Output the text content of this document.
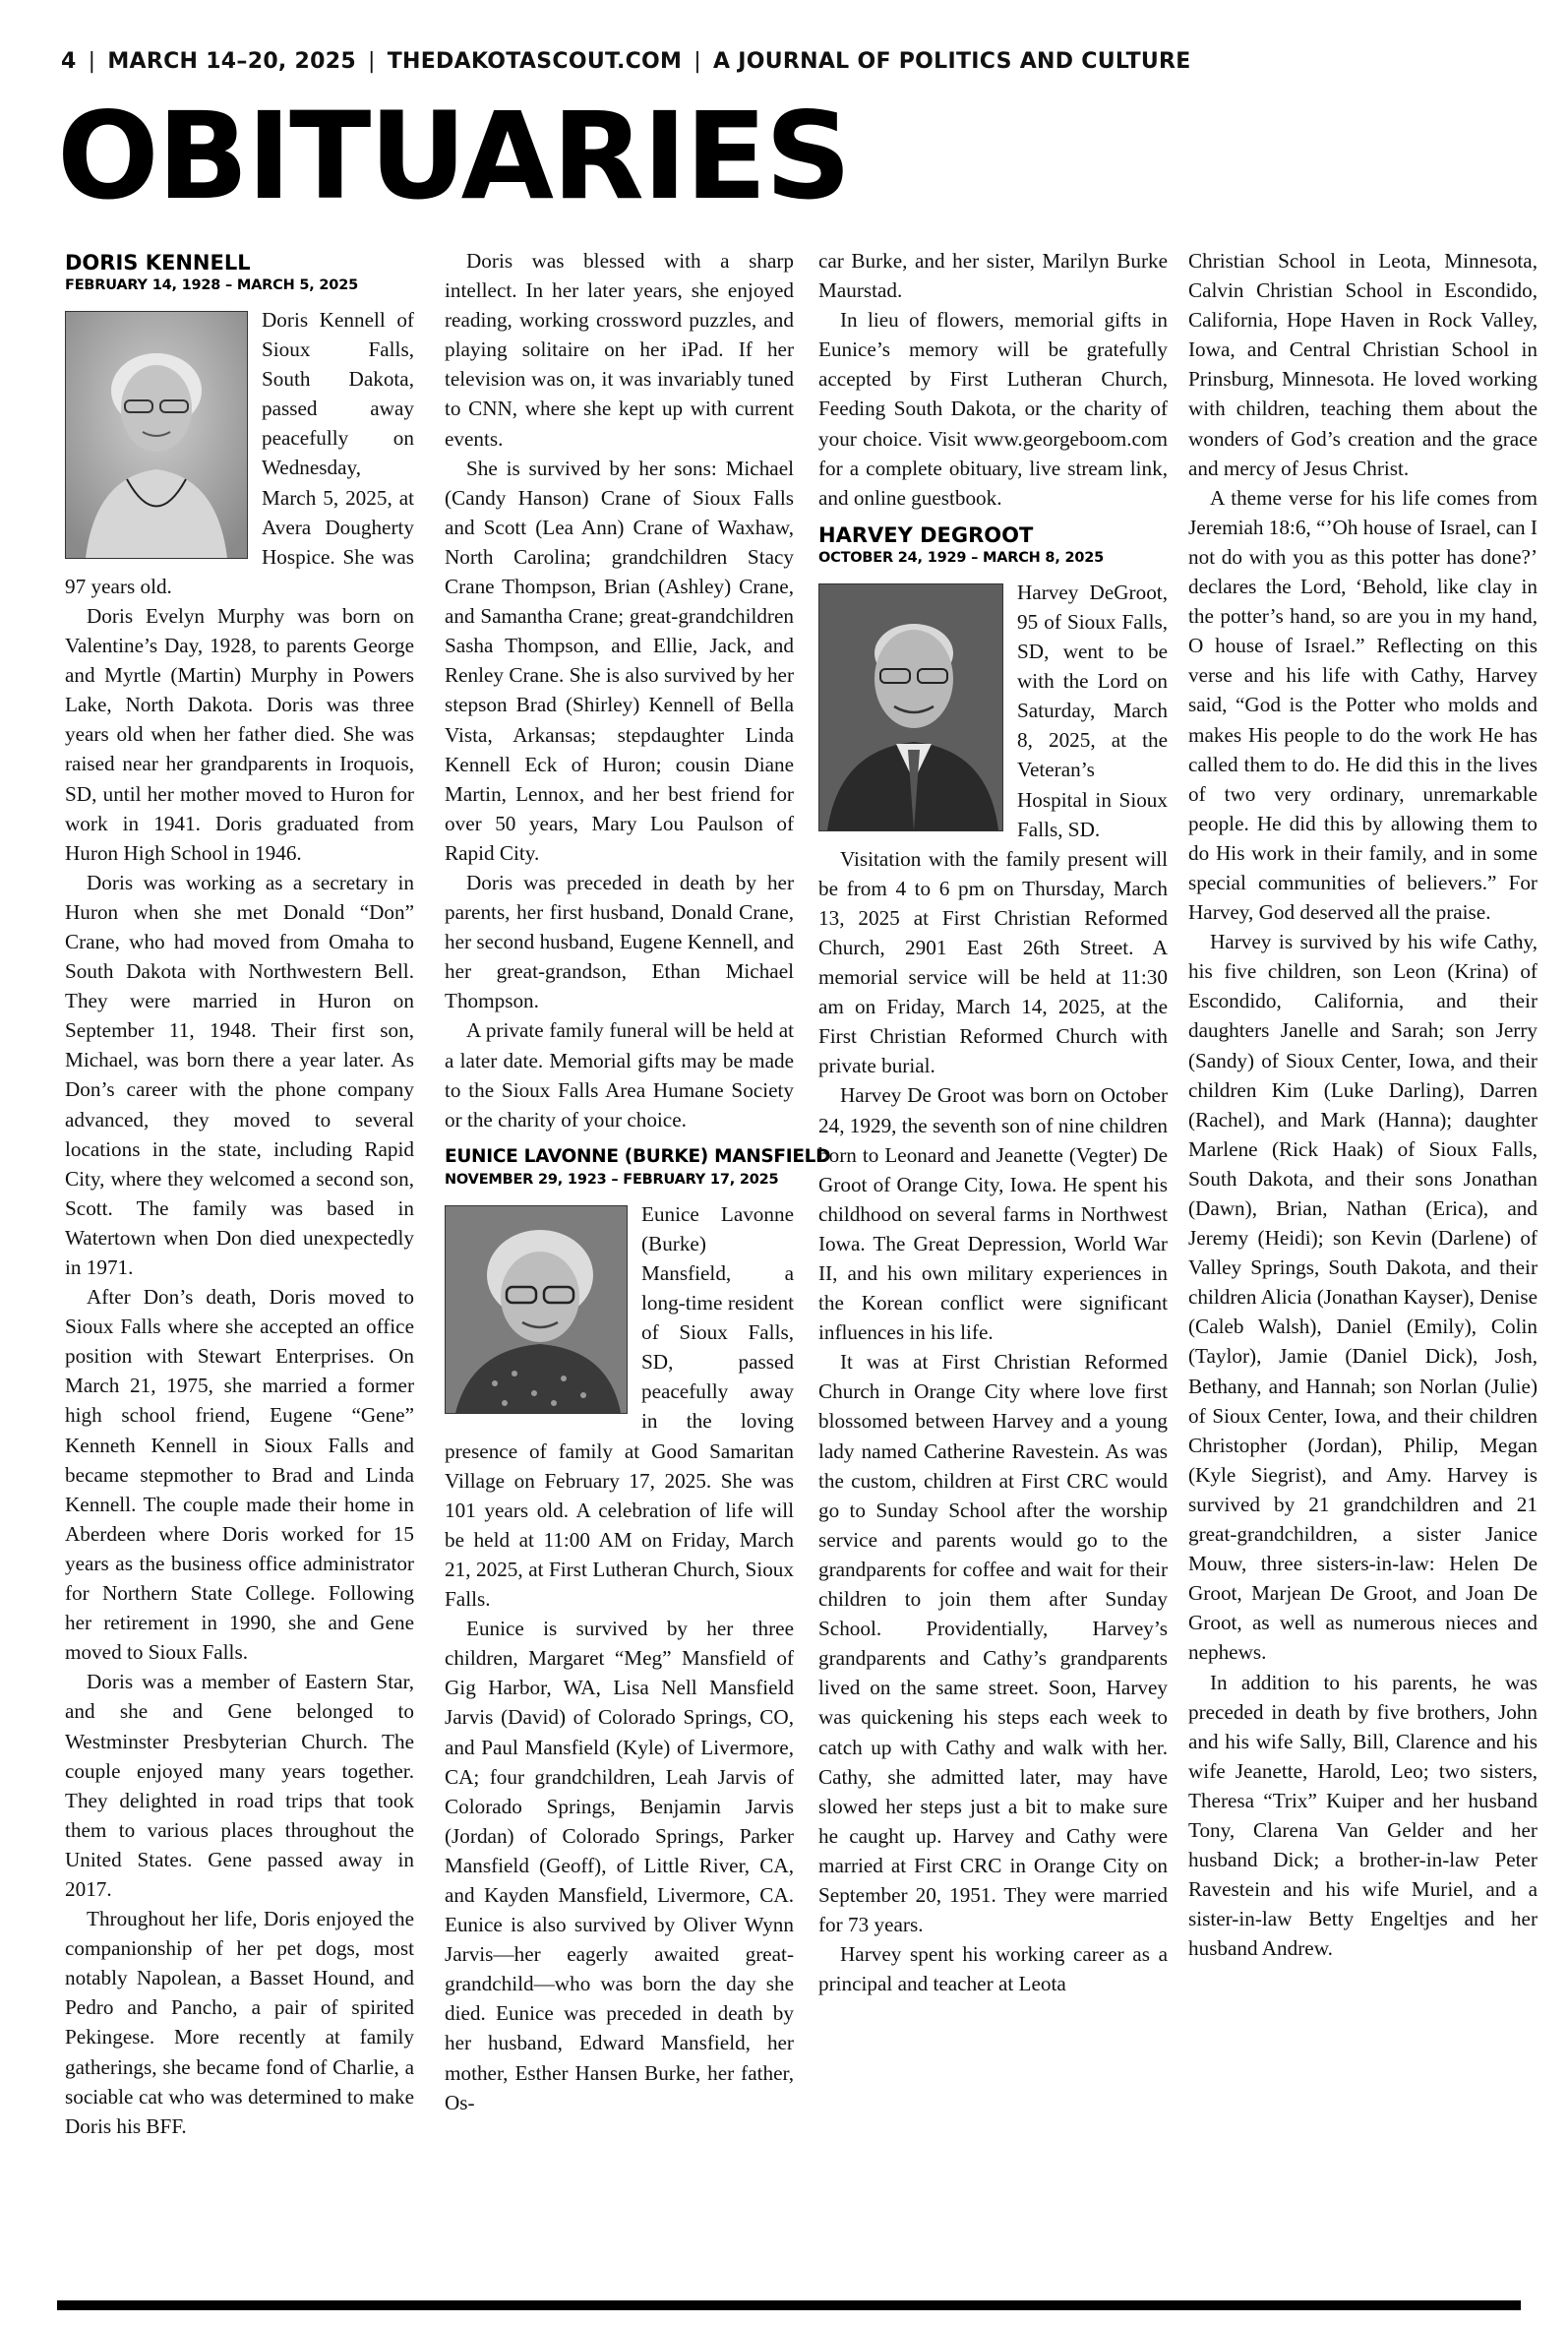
4 | MARCH 14–20, 2025 | THEDAKOTASCOUT.COM | A JOURNAL OF POLITICS AND CULTURE
OBITUARIES
DORIS KENNELL
FEBRUARY 14, 1928 – MARCH 5, 2025

Doris Kennell of Sioux Falls, South Dakota, passed away peacefully on Wednesday, March 5, 2025, at Avera Dougherty Hospice. She was 97 years old.

Doris Evelyn Murphy was born on Valentine’s Day, 1928, to parents George and Myrtle (Martin) Murphy in Powers Lake, North Dakota. Doris was three years old when her father died. She was raised near her grandparents in Iroquois, SD, until her mother moved to Huron for work in 1941. Doris graduated from Huron High School in 1946.

Doris was working as a secretary in Huron when she met Donald “Don” Crane, who had moved from Omaha to South Dakota with Northwestern Bell. They were married in Huron on September 11, 1948. Their first son, Michael, was born there a year later. As Don’s career with the phone company advanced, they moved to several locations in the state, including Rapid City, where they welcomed a second son, Scott. The family was based in Watertown when Don died unexpectedly in 1971.

After Don’s death, Doris moved to Sioux Falls where she accepted an office position with Stewart Enterprises. On March 21, 1975, she married a former high school friend, Eugene “Gene” Kenneth Kennell in Sioux Falls and became stepmother to Brad and Linda Kennell. The couple made their home in Aberdeen where Doris worked for 15 years as the business office administrator for Northern State College. Following her retirement in 1990, she and Gene moved to Sioux Falls.

Doris was a member of Eastern Star, and she and Gene belonged to Westminster Presbyterian Church. The couple enjoyed many years together. They delighted in road trips that took them to various places throughout the United States. Gene passed away in 2017.

Throughout her life, Doris enjoyed the companionship of her pet dogs, most notably Napolean, a Basset Hound, and Pedro and Pancho, a pair of spirited Pekingese. More recently at family gatherings, she became fond of Charlie, a sociable cat who was determined to make Doris his BFF.

Doris was blessed with a sharp intellect. In her later years, she enjoyed reading, working crossword puzzles, and playing solitaire on her iPad. If her television was on, it was invariably tuned to CNN, where she kept up with current events.

She is survived by her sons: Michael (Candy Hanson) Crane of Sioux Falls and Scott (Lea Ann) Crane of Waxhaw, North Carolina; grandchildren Stacy Crane Thompson, Brian (Ashley) Crane, and Samantha Crane; great-grandchildren Sasha Thompson, and Ellie, Jack, and Renley Crane. She is also survived by her stepson Brad (Shirley) Kennell of Bella Vista, Arkansas; stepdaughter Linda Kennell Eck of Huron; cousin Diane Martin, Lennox, and her best friend for over 50 years, Mary Lou Paulson of Rapid City.

Doris was preceded in death by her parents, her first husband, Donald Crane, her second husband, Eugene Kennell, and her great-grandson, Ethan Michael Thompson.

A private family funeral will be held at a later date. Memorial gifts may be made to the Sioux Falls Area Humane Society or the charity of your choice.

EUNICE LAVONNE (BURKE) MANSFIELD
NOVEMBER 29, 1923 – FEBRUARY 17, 2025

Eunice Lavonne (Burke) Mansfield, a long-time resident of Sioux Falls, SD, passed peacefully away in the loving presence of family at Good Samaritan Village on February 17, 2025. She was 101 years old. A celebration of life will be held at 11:00 AM on Friday, March 21, 2025, at First Lutheran Church, Sioux Falls.

Eunice is survived by her three children, Margaret “Meg” Mansfield of Gig Harbor, WA, Lisa Nell Mansfield Jarvis (David) of Colorado Springs, CO, and Paul Mansfield (Kyle) of Livermore, CA; four grandchildren, Leah Jarvis of Colorado Springs, Benjamin Jarvis (Jordan) of Colorado Springs, Parker Mansfield (Geoff), of Little River, CA, and Kayden Mansfield, Livermore, CA. Eunice is also survived by Oliver Wynn Jarvis—her eagerly awaited great-grandchild—who was born the day she died. Eunice was preceded in death by her husband, Edward Mansfield, her mother, Esther Hansen Burke, her father, Os-

car Burke, and her sister, Marilyn Burke Maurstad.

In lieu of flowers, memorial gifts in Eunice’s memory will be gratefully accepted by First Lutheran Church, Feeding South Dakota, or the charity of your choice. Visit www.georgeboom.com for a complete obituary, live stream link, and online guestbook.

HARVEY DEGROOT
OCTOBER 24, 1929 – MARCH 8, 2025

Harvey DeGroot, 95 of Sioux Falls, SD, went to be with the Lord on Saturday, March 8, 2025, at the Veteran’s Hospital in Sioux Falls, SD.

Visitation with the family present will be from 4 to 6 pm on Thursday, March 13, 2025 at First Christian Reformed Church, 2901 East 26th Street. A memorial service will be held at 11:30 am on Friday, March 14, 2025, at the First Christian Reformed Church with private burial.

Harvey De Groot was born on October 24, 1929, the seventh son of nine children born to Leonard and Jeanette (Vegter) De Groot of Orange City, Iowa. He spent his childhood on several farms in Northwest Iowa. The Great Depression, World War II, and his own military experiences in the Korean conflict were significant influences in his life.

It was at First Christian Reformed Church in Orange City where love first blossomed between Harvey and a young lady named Catherine Ravestein. As was the custom, children at First CRC would go to Sunday School after the worship service and parents would go to the grandparents for coffee and wait for their children to join them after Sunday School. Providentially, Harvey’s grandparents and Cathy’s grandparents lived on the same street. Soon, Harvey was quickening his steps each week to catch up with Cathy and walk with her. Cathy, she admitted later, may have slowed her steps just a bit to make sure he caught up. Harvey and Cathy were married at First CRC in Orange City on September 20, 1951. They were married for 73 years.

Harvey spent his working career as a principal and teacher at Leota

Christian School in Leota, Minnesota, Calvin Christian School in Escondido, California, Hope Haven in Rock Valley, Iowa, and Central Christian School in Prinsburg, Minnesota. He loved working with children, teaching them about the wonders of God’s creation and the grace and mercy of Jesus Christ.

A theme verse for his life comes from Jeremiah 18:6, “’Oh house of Israel, can I not do with you as this potter has done?’ declares the Lord, ‘Behold, like clay in the potter’s hand, so are you in my hand, O house of Israel.” Reflecting on this verse and his life with Cathy, Harvey said, “God is the Potter who molds and makes His people to do the work He has called them to do. He did this in the lives of two very ordinary, unremarkable people. He did this by allowing them to do His work in their family, and in some special communities of believers.” For Harvey, God deserved all the praise.

Harvey is survived by his wife Cathy, his five children, son Leon (Krina) of Escondido, California, and their daughters Janelle and Sarah; son Jerry (Sandy) of Sioux Center, Iowa, and their children Kim (Luke Darling), Darren (Rachel), and Mark (Hanna); daughter Marlene (Rick Haak) of Sioux Falls, South Dakota, and their sons Jonathan (Dawn), Brian, Nathan (Erica), and Jeremy (Heidi); son Kevin (Darlene) of Valley Springs, South Dakota, and their children Alicia (Jonathan Kayser), Denise (Caleb Walsh), Daniel (Emily), Colin (Taylor), Jamie (Daniel Dick), Josh, Bethany, and Hannah; son Norlan (Julie) of Sioux Center, Iowa, and their children Christopher (Jordan), Philip, Megan (Kyle Siegrist), and Amy. Harvey is survived by 21 grandchildren and 21 great-grandchildren, a sister Janice Mouw, three sisters-in-law: Helen De Groot, Marjean De Groot, and Joan De Groot, as well as numerous nieces and nephews.

In addition to his parents, he was preceded in death by five brothers, John and his wife Sally, Bill, Clarence and his wife Jeanette, Harold, Leo; two sisters, Theresa “Trix” Kuiper and her husband Tony, Clarena Van Gelder and her husband Dick; a brother-in-law Peter Ravestein and his wife Muriel, and a sister-in-law Betty Engeltjes and her husband Andrew.
